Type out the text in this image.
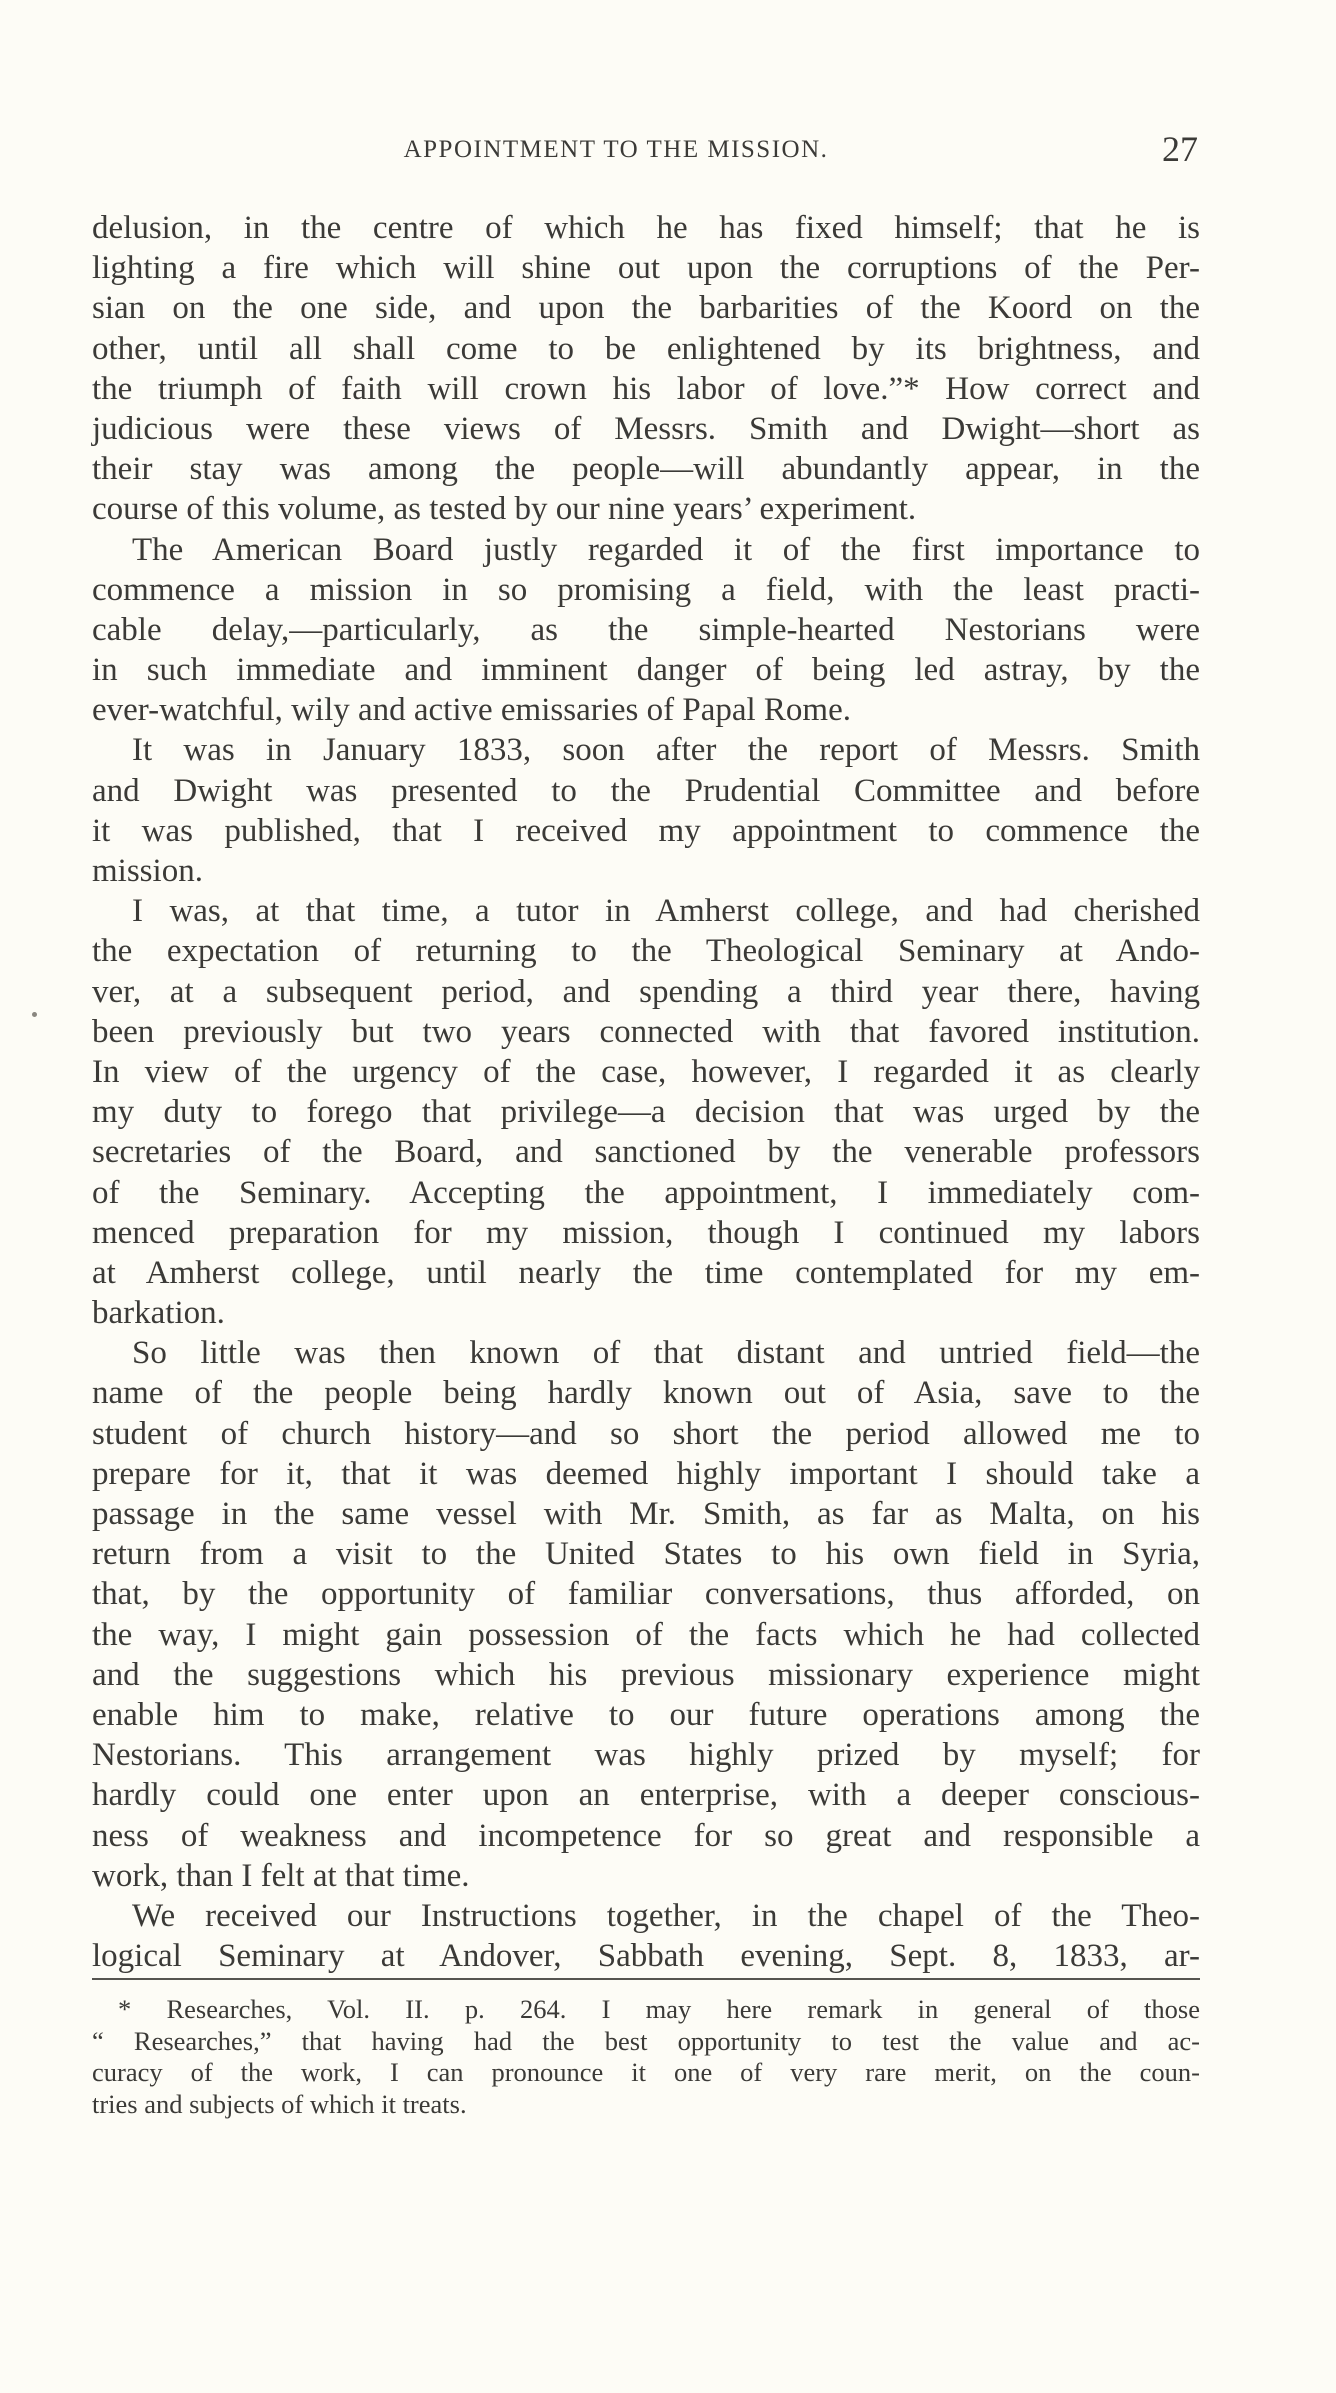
APPOINTMENT TO THE MISSION.	27
delusion, in the centre of which he has fixed himself; that he is
lighting a fire which will shine out upon the corruptions of the Per-
sian on the one side, and upon the barbarities of the Koord on the
other, until all shall come to be enlightened by its brightness, and
the triumph of faith will crown his labor of love.”* How correct and
judicious were these views of Messrs. Smith and Dwight—short as
their stay was among the people—will abundantly appear, in the
course of this volume, as tested by our nine years’ experiment.
The American Board justly regarded it of the first importance to
commence a mission in so promising a field, with the least practi-
cable delay,—particularly, as the simple-hearted Nestorians were
in such immediate and imminent danger of being led astray, by the
ever-watchful, wily and active emissaries of Papal Rome.
It was in January 1833, soon after the report of Messrs. Smith
and Dwight was presented to the Prudential Committee and before
it was published, that I received my appointment to commence the
mission.
I was, at that time, a tutor in Amherst college, and had cherished
the expectation of returning to the Theological Seminary at Ando-
ver, at a subsequent period, and spending a third year there, having
been previously but two years connected with that favored institution.
In view of the urgency of the case, however, I regarded it as clearly
my duty to forego that privilege—a decision that was urged by the
secretaries of the Board, and sanctioned by the venerable professors
of the Seminary. Accepting the appointment, I immediately com-
menced preparation for my mission, though I continued my labors
at Amherst college, until nearly the time contemplated for my em-
barkation.
So little was then known of that distant and untried field—the
name of the people being hardly known out of Asia, save to the
student of church history—and so short the period allowed me to
prepare for it, that it was deemed highly important I should take a
passage in the same vessel with Mr. Smith, as far as Malta, on his
return from a visit to the United States to his own field in Syria,
that, by the opportunity of familiar conversations, thus afforded, on
the way, I might gain possession of the facts which he had collected
and the suggestions which his previous missionary experience might
enable him to make, relative to our future operations among the
Nestorians. This arrangement was highly prized by myself; for
hardly could one enter upon an enterprise, with a deeper conscious-
ness of weakness and incompetence for so great and responsible a
work, than I felt at that time.
We received our Instructions together, in the chapel of the Theo-
logical Seminary at Andover, Sabbath evening, Sept. 8, 1833, ar-
* Researches, Vol. II. p. 264. I may here remark in general of those
“ Researches,” that having had the best opportunity to test the value and ac-
curacy of the work, I can pronounce it one of very rare merit, on the coun-
tries and subjects of which it treats.
